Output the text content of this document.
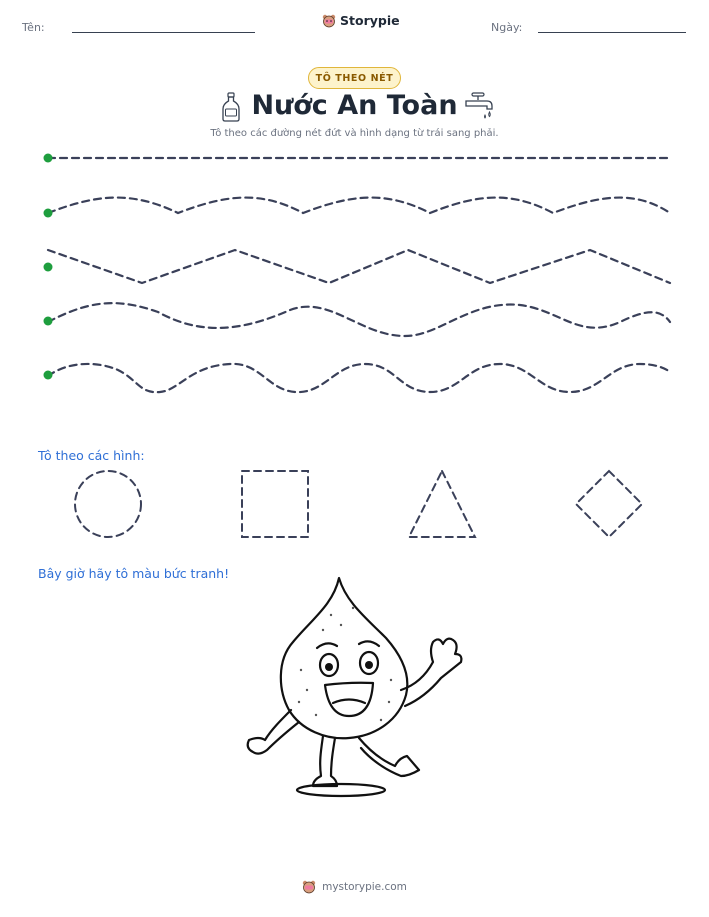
Tên:	Storypie	Ngày:
TÔ THEO NÉT
Nước An Toàn
Tô theo các đường nét đứt và hình dạng từ trái sang phải.
Tô theo các hình:
Bây giờ hãy tô màu bức tranh!
mystorypie.com
